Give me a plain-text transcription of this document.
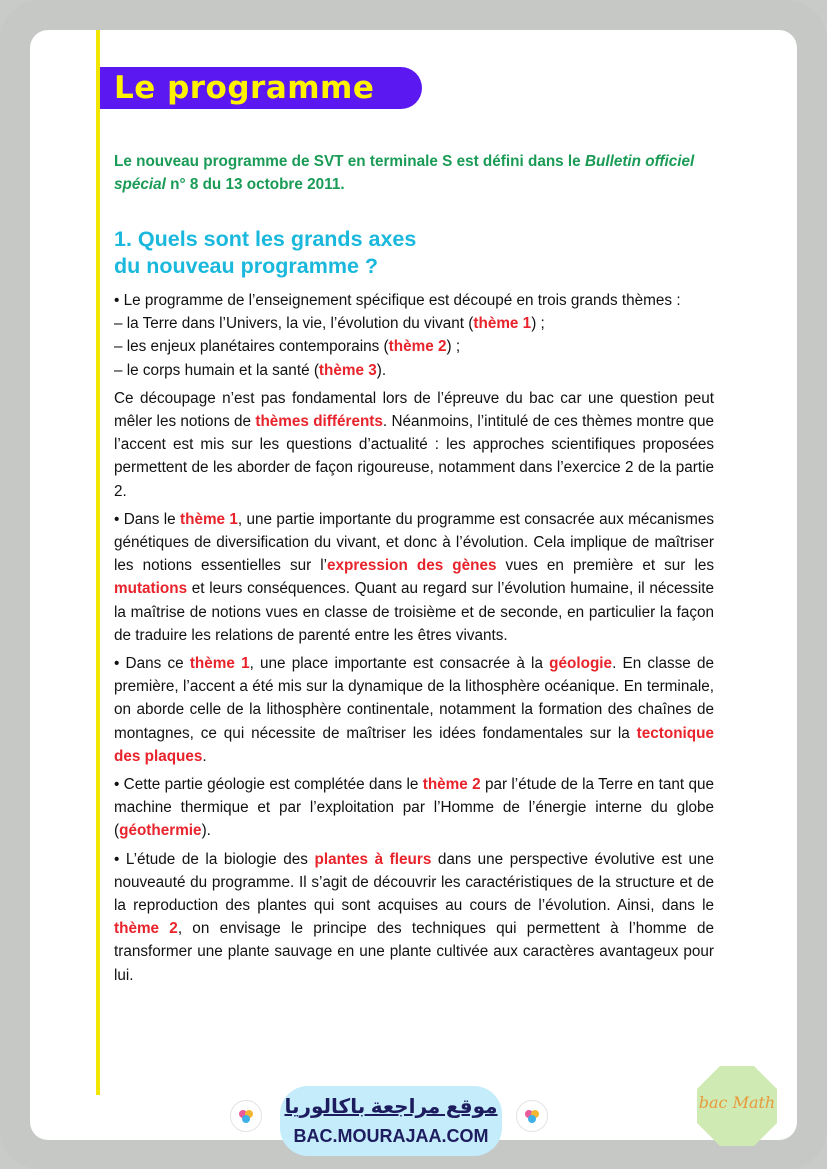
Le programme
Le nouveau programme de SVT en terminale S est défini dans le Bulletin officiel spécial n° 8 du 13 octobre 2011.
1. Quels sont les grands axes
du nouveau programme ?

• Le programme de l’enseignement spécifique est découpé en trois grands thèmes :
– la Terre dans l’Univers, la vie, l’évolution du vivant (thème 1) ;
– les enjeux planétaires contemporains (thème 2) ;
– le corps humain et la santé (thème 3).

Ce découpage n’est pas fondamental lors de l’épreuve du bac car une question peut mêler les notions de thèmes différents. Néanmoins, l’intitulé de ces thèmes montre que l’accent est mis sur les questions d’actualité : les approches scientifiques proposées permettent de les aborder de façon rigoureuse, notamment dans l’exercice 2 de la partie 2.

• Dans le thème 1, une partie importante du programme est consacrée aux mécanismes génétiques de diversification du vivant, et donc à l’évolution. Cela implique de maîtriser les notions essentielles sur l’expression des gènes vues en première et sur les mutations et leurs conséquences. Quant au regard sur l’évolution humaine, il nécessite la maîtrise de notions vues en classe de troisième et de seconde, en particulier la façon de traduire les relations de parenté entre les êtres vivants.

• Dans ce thème 1, une place importante est consacrée à la géologie. En classe de première, l’accent a été mis sur la dynamique de la lithosphère océanique. En terminale, on aborde celle de la lithosphère continentale, notamment la formation des chaînes de montagnes, ce qui nécessite de maîtriser les idées fondamentales sur la tectonique des plaques.

• Cette partie géologie est complétée dans le thème 2 par l’étude de la Terre en tant que machine thermique et par l’exploitation par l’Homme de l’énergie interne du globe (géothermie).

• L’étude de la biologie des plantes à fleurs dans une perspective évolutive est une nouveauté du programme. Il s’agit de découvrir les caractéristiques de la structure et de la reproduction des plantes qui sont acquises au cours de l’évolution. Ainsi, dans le thème 2, on envisage le principe des techniques qui permettent à l’homme de transformer une plante sauvage en une plante cultivée aux caractères avantageux pour lui.

موقع مراجعة باكالوريا
BAC.MOURAJAA.COM
bac Math
